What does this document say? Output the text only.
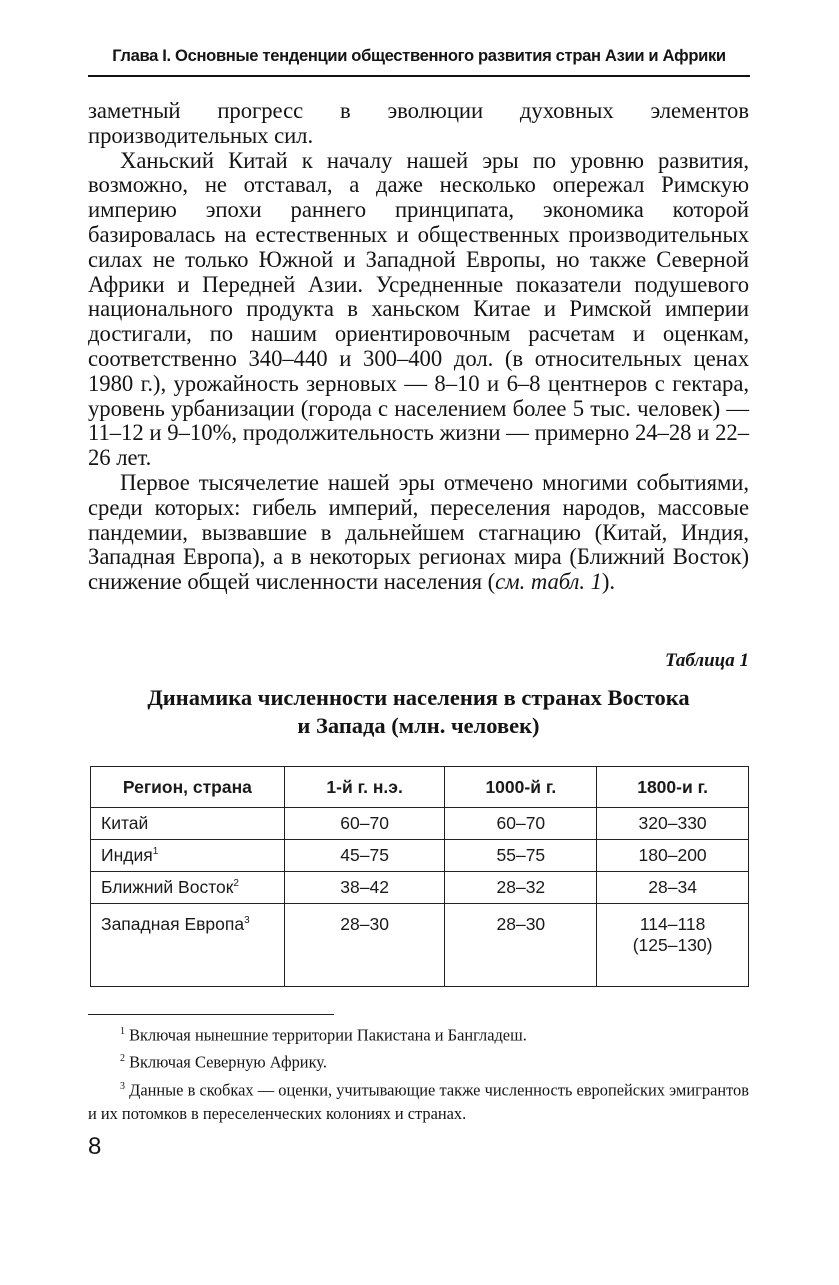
Глава I. Основные тенденции общественного развития стран Азии и Африки

заметный прогресс в эволюции духовных элементов производительных сил.

Ханьский Китай к началу нашей эры по уровню развития, возможно, не отставал, а даже несколько опережал Римскую империю эпохи раннего принципата, экономика которой базировалась на естественных и общественных производительных силах не только Южной и Западной Европы, но также Северной Африки и Передней Азии. Усредненные показатели подушевого национального продукта в ханьском Китае и Римской империи достигали, по нашим ориентировочным расчетам и оценкам, соответственно 340–440 и 300–400 дол. (в относительных ценах 1980 г.), урожайность зерновых — 8–10 и 6–8 центнеров с гектара, уровень урбанизации (города с населением более 5 тыс. человек) — 11–12 и 9–10%, продолжительность жизни — примерно 24–28 и 22–26 лет.

Первое тысячелетие нашей эры отмечено многими событиями, среди которых: гибель империй, переселения народов, массовые пандемии, вызвавшие в дальнейшем стагнацию (Китай, Индия, Западная Европа), а в некоторых регионах мира (Ближний Восток) снижение общей численности населения (см. табл. 1).

Таблица 1
Динамика численности населения в странах Востока
и Запада (млн. человек)
Регион, страна	1-й г. н.э.	1000-й г.	1800-и г.
Китай	60–70	60–70	320–330
Индия$^1$	45–75	55–75	180–200
Ближний Восток$^2$	38–42	28–32	28–34
Западная Европа$^3$	28–30	28–30	114–118
(125–130)

$^1$ Включая нынешние территории Пакистана и Бангладеш.

$^2$ Включая Северную Африку.

$^3$ Данные в скобках — оценки, учитывающие также численность европейских эмигрантов и их потомков в переселенческих колониях и странах.

8
